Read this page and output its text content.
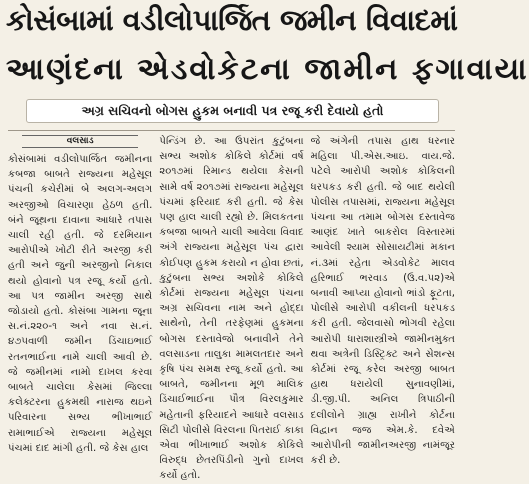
કોસંબામાં વડીલોપાર્જિત જમીન વિવાદમાં
આણંદના એડવોકેટના જામીન ફગાવાયા
અગ્ર સચિવનો બોગસ હુકમ બનાવી પત્ર રજૂ કરી દેવાયો હતો
વલસાડ

કોસંબામાં વડીલોપાર્જિત જમીનના કબજા બાબતે રાજ્યના મહેસૂલ પંચની કચેરીમાં બે અલગ-અલગ અરજીઓ વિચારણા હેઠળ હતી. બંને જૂથના દાવાના આધારે તપાસ ચાલી રહી હતી. જે દરમિયાન આરોપીએ ખોટી રીતે અરજી કરી હતી અને જુની અરજીનો નિકાલ થયો હોવાનો પત્ર રજૂ કર્યો હતો. આ પત્ર જામીન અરજી સાથે જોડાયો હતો. કોસંબા ગામના જૂના સ.નં.૨૨૦-૧ અને નવા સ.નં. ૪૭૫વાળી જમીન ડિંચાઇભાઈ રતનભાઈના નામે ચાલી આવી છે. જે જમીનમાં નામો દાખલ કરવા બાબતે ચાલેલા કેસમાં જિલ્લા કલેક્ટરના હુકમથી નારાજ થઇને પરિવારના સભ્ય ભીખાભાઈ રામાભાઈએ રાજ્યના મહેસૂલ પંચમાં દાદ માંગી હતી. જે કેસ હાલ

પેન્ડિંગ છે. આ ઉપરાંત કુટુંબના સભ્ય અશોક કોકિલે કોર્ટમાં વર્ષ ૨૦૧૭માં રિમાન્ડ થયેલા કેસની સામે વર્ષ ૨૦૧૭માં રાજ્યના મહેસૂલ પંચમાં ફરિયાદ કરી હતી. જે કેસ પણ હાલ ચાલી રહ્યો છે. મિલકતના કબજા બાબતે ચાલી આવેલા વિવાદ અંગે રાજ્યના મહેસૂલ પંચ દ્વારા કોઈપણ હુકમ કરાયો ન હોવા છતાં, કુટુંબના સભ્ય અશોકે કોકિલે કોર્ટમાં રાજ્યના મહેસૂલ પંચના અગ્ર સચિવના નામ અને હોદ્દા સાથેનો, તેની તરફેણમાં હુકમના બોગસ દસ્તાવેજો બનાવીને તેને વલસાડના તાલુકા મામલતદાર અને કૃષિ પંચ સમક્ષ રજૂ કર્યો હતો. આ બાબતે, જમીનના મૂળ માલિક ડિંચાઈભાઈના પૌત્ર વિરલકુમાર મહેતાની ફરિયાદને આધારે વલસાડ સિટી પોલીસે વિરલના પિતરાઈ કાકા એવા ભીખાભાઈ અશોક કોકિલે વિરુદ્ધ છેતરપિંડીનો ગુનો દાખલ કર્યો હતો.

જે અંગેની તપાસ હાથ ધરનાર મહિલા પી.એસ.આઇ. વાય.જે. પટેલે આરોપી અશોક કોકિલની ધરપકડ કરી હતી. જે બાદ થયેલી પોલીસ તપાસમાં, રાજ્યના મહેસૂલ પંચના આ તમામ બોગસ દસ્તાવેજ આણંદ ખાતે બાકરોલ વિસ્તારમાં આવેલી શ્યામ સોસાયટીમાં મકાન નં.૩માં રહેતા એડવોકેટ માલવ હરિભાઈ ભરવાડ (ઉ.વ.૫૨)એ બનાવી આપ્યા હોવાનો ભાંડો ફૂટતા, પોલીસે આરોપી વકીલની ધરપકડ કરી હતી. જેલવાસો ભોગવી રહેલા આરોપી ધારાશાસ્ત્રીએ જામીનમુક્ત થવા અત્રેની ડિસ્ટ્રિક્ટ અને સેશન્સ કોર્ટમાં રજૂ કરેલ અરજી બાબત હાથ ધરાયેલી સુનાવણીમાં, ડી.જી.પી. અનિલ ત્રિપાઠીની દલીલોને ગ્રાહ્ય રાખીને કોર્ટના વિદ્વાન જજ એમ.કે. દવેએ આરોપીની જામીનઅરજી નામંજૂર કરી છે.
